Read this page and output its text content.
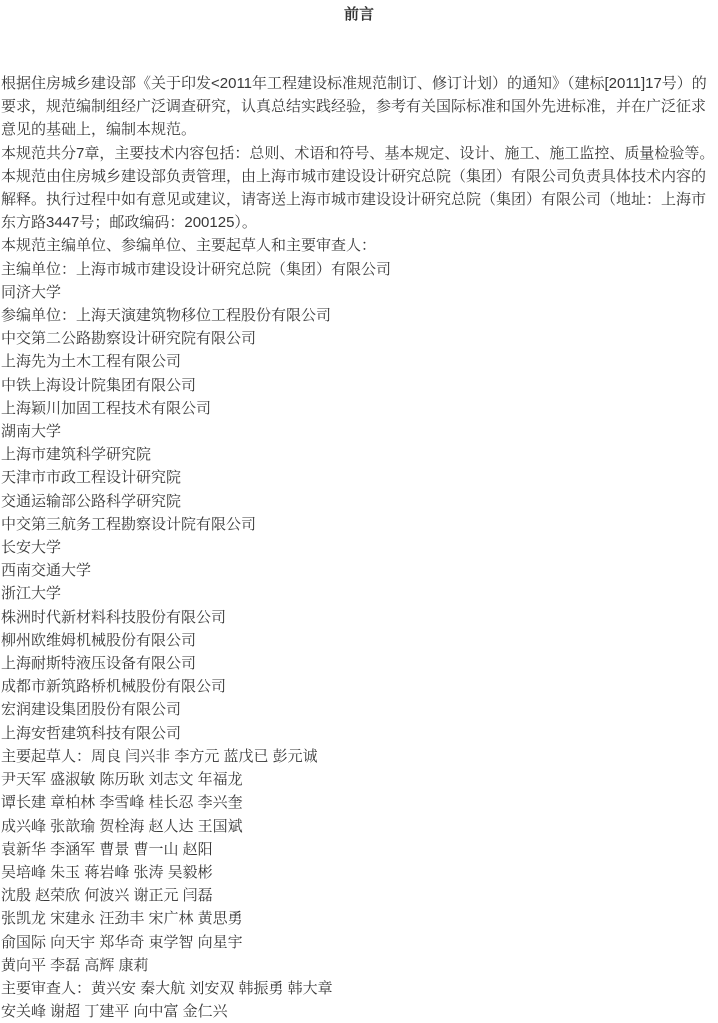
前言

根据住房城乡建设部《关于印发<2011年工程建设标准规范制订、修订计划）的通知》（建标[2011]17号）的要求，规范编制组经广泛调查研究，认真总结实践经验，参考有关国际标准和国外先进标准，并在广泛征求意见的基础上，编制本规范。

本规范共分7章，主要技术内容包括：总则、术语和符号、基本规定、设计、施工、施工监控、质量检验等。

本规范由住房城乡建设部负责管理，由上海市城市建设设计研究总院（集团）有限公司负责具体技术内容的解释。执行过程中如有意见或建议，请寄送上海市城市建设设计研究总院（集团）有限公司（地址：上海市东方路3447号；邮政编码：200125）。

本规范主编单位、参编单位、主要起草人和主要审查人：

主编单位：上海市城市建设设计研究总院（集团）有限公司

同济大学

参编单位：上海天演建筑物移位工程股份有限公司

中交第二公路勘察设计研究院有限公司

上海先为土木工程有限公司

中铁上海设计院集团有限公司

上海颖川加固工程技术有限公司

湖南大学

上海市建筑科学研究院

天津市市政工程设计研究院

交通运输部公路科学研究院

中交第三航务工程勘察设计院有限公司

长安大学

西南交通大学

浙江大学

株洲时代新材料科技股份有限公司

柳州欧维姆机械股份有限公司

上海耐斯特液压设备有限公司

成都市新筑路桥机械股份有限公司

宏润建设集团股份有限公司

上海安哲建筑科技有限公司

主要起草人：周良 闫兴非 李方元 蓝戊已 彭元诚

尹天军 盛淑敏 陈历耿 刘志文 年福龙

谭长建 章柏林 李雪峰 桂长忍 李兴奎

成兴峰 张歆瑜 贺栓海 赵人达 王国斌

袁新华 李涵军 曹景 曹一山 赵阳

吴培峰 朱玉 蒋岩峰 张涛 吴毅彬

沈殷 赵荣欣 何波兴 谢正元 闫磊

张凯龙 宋建永 汪劲丰 宋广林 黄思勇

俞国际 向天宇 郑华奇 束学智 向星宇

黄向平 李磊 高辉 康莉

主要审查人：黄兴安 秦大航 刘安双 韩振勇 韩大章

安关峰 谢超 丁建平 向中富 金仁兴
